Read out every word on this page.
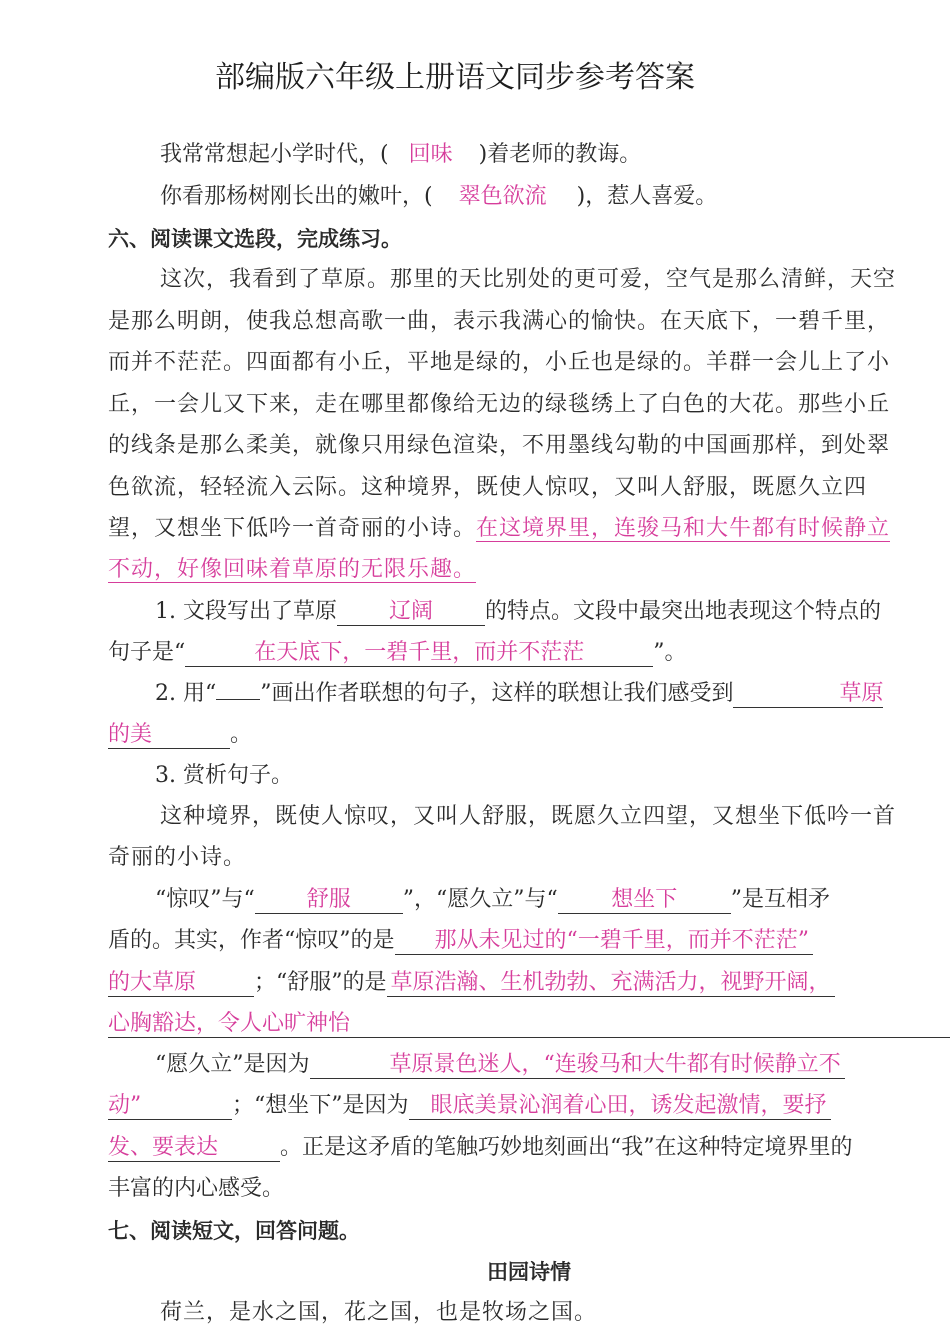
部编版六年级上册语文同步参考答案
我常常想起小学时代，( 回味 )着老师的教诲。
你看那杨树刚长出的嫩叶，( 翠色欲流 )，惹人喜爱。
六、阅读课文选段，完成练习。
这次，我看到了草原。那里的天比别处的更可爱，空气是那么清鲜，天空
是那么明朗，使我总想高歌一曲，表示我满心的愉快。在天底下，一碧千里，
而并不茫茫。四面都有小丘，平地是绿的，小丘也是绿的。羊群一会儿上了小
丘，一会儿又下来，走在哪里都像给无边的绿毯绣上了白色的大花。那些小丘
的线条是那么柔美，就像只用绿色渲染，不用墨线勾勒的中国画那样，到处翠
色欲流，轻轻流入云际。这种境界，既使人惊叹，又叫人舒服，既愿久立四
望，又想坐下低吟一首奇丽的小诗。在这境界里，连骏马和大牛都有时候静立
不动，好像回味着草原的无限乐趣。
1. 文段写出了草原 辽阔 的特点。文段中最突出地表现这个特点的
句子是“	在天底下，一碧千里，而并不茫茫	”。
2. 用“ ”画出作者联想的句子，这样的联想让我们感受到	草原
的美	。
3. 赏析句子。
这种境界，既使人惊叹，又叫人舒服，既愿久立四望，又想坐下低吟一首
奇丽的小诗。
“惊叹”与“ 舒服 ”，“愿久立”与“ 想坐下 ”是互相矛
盾的。其实，作者“惊叹”的是 那从未见过的“一碧千里，而并不茫茫”
的大草原	；“舒服”的是 草原浩瀚、生机勃勃、充满活力，视野开阔，
心胸豁达，令人心旷神怡
“愿久立”是因为	草原景色迷人，“连骏马和大牛都有时候静立不
动”	；“想坐下”是因为 眼底美景沁润着心田，诱发起激情，要抒
发、要表达	。正是这矛盾的笔触巧妙地刻画出“我”在这种特定境界里的
丰富的内心感受。
七、阅读短文，回答问题。
田园诗情
荷兰，是水之国，花之国，也是牧场之国。
